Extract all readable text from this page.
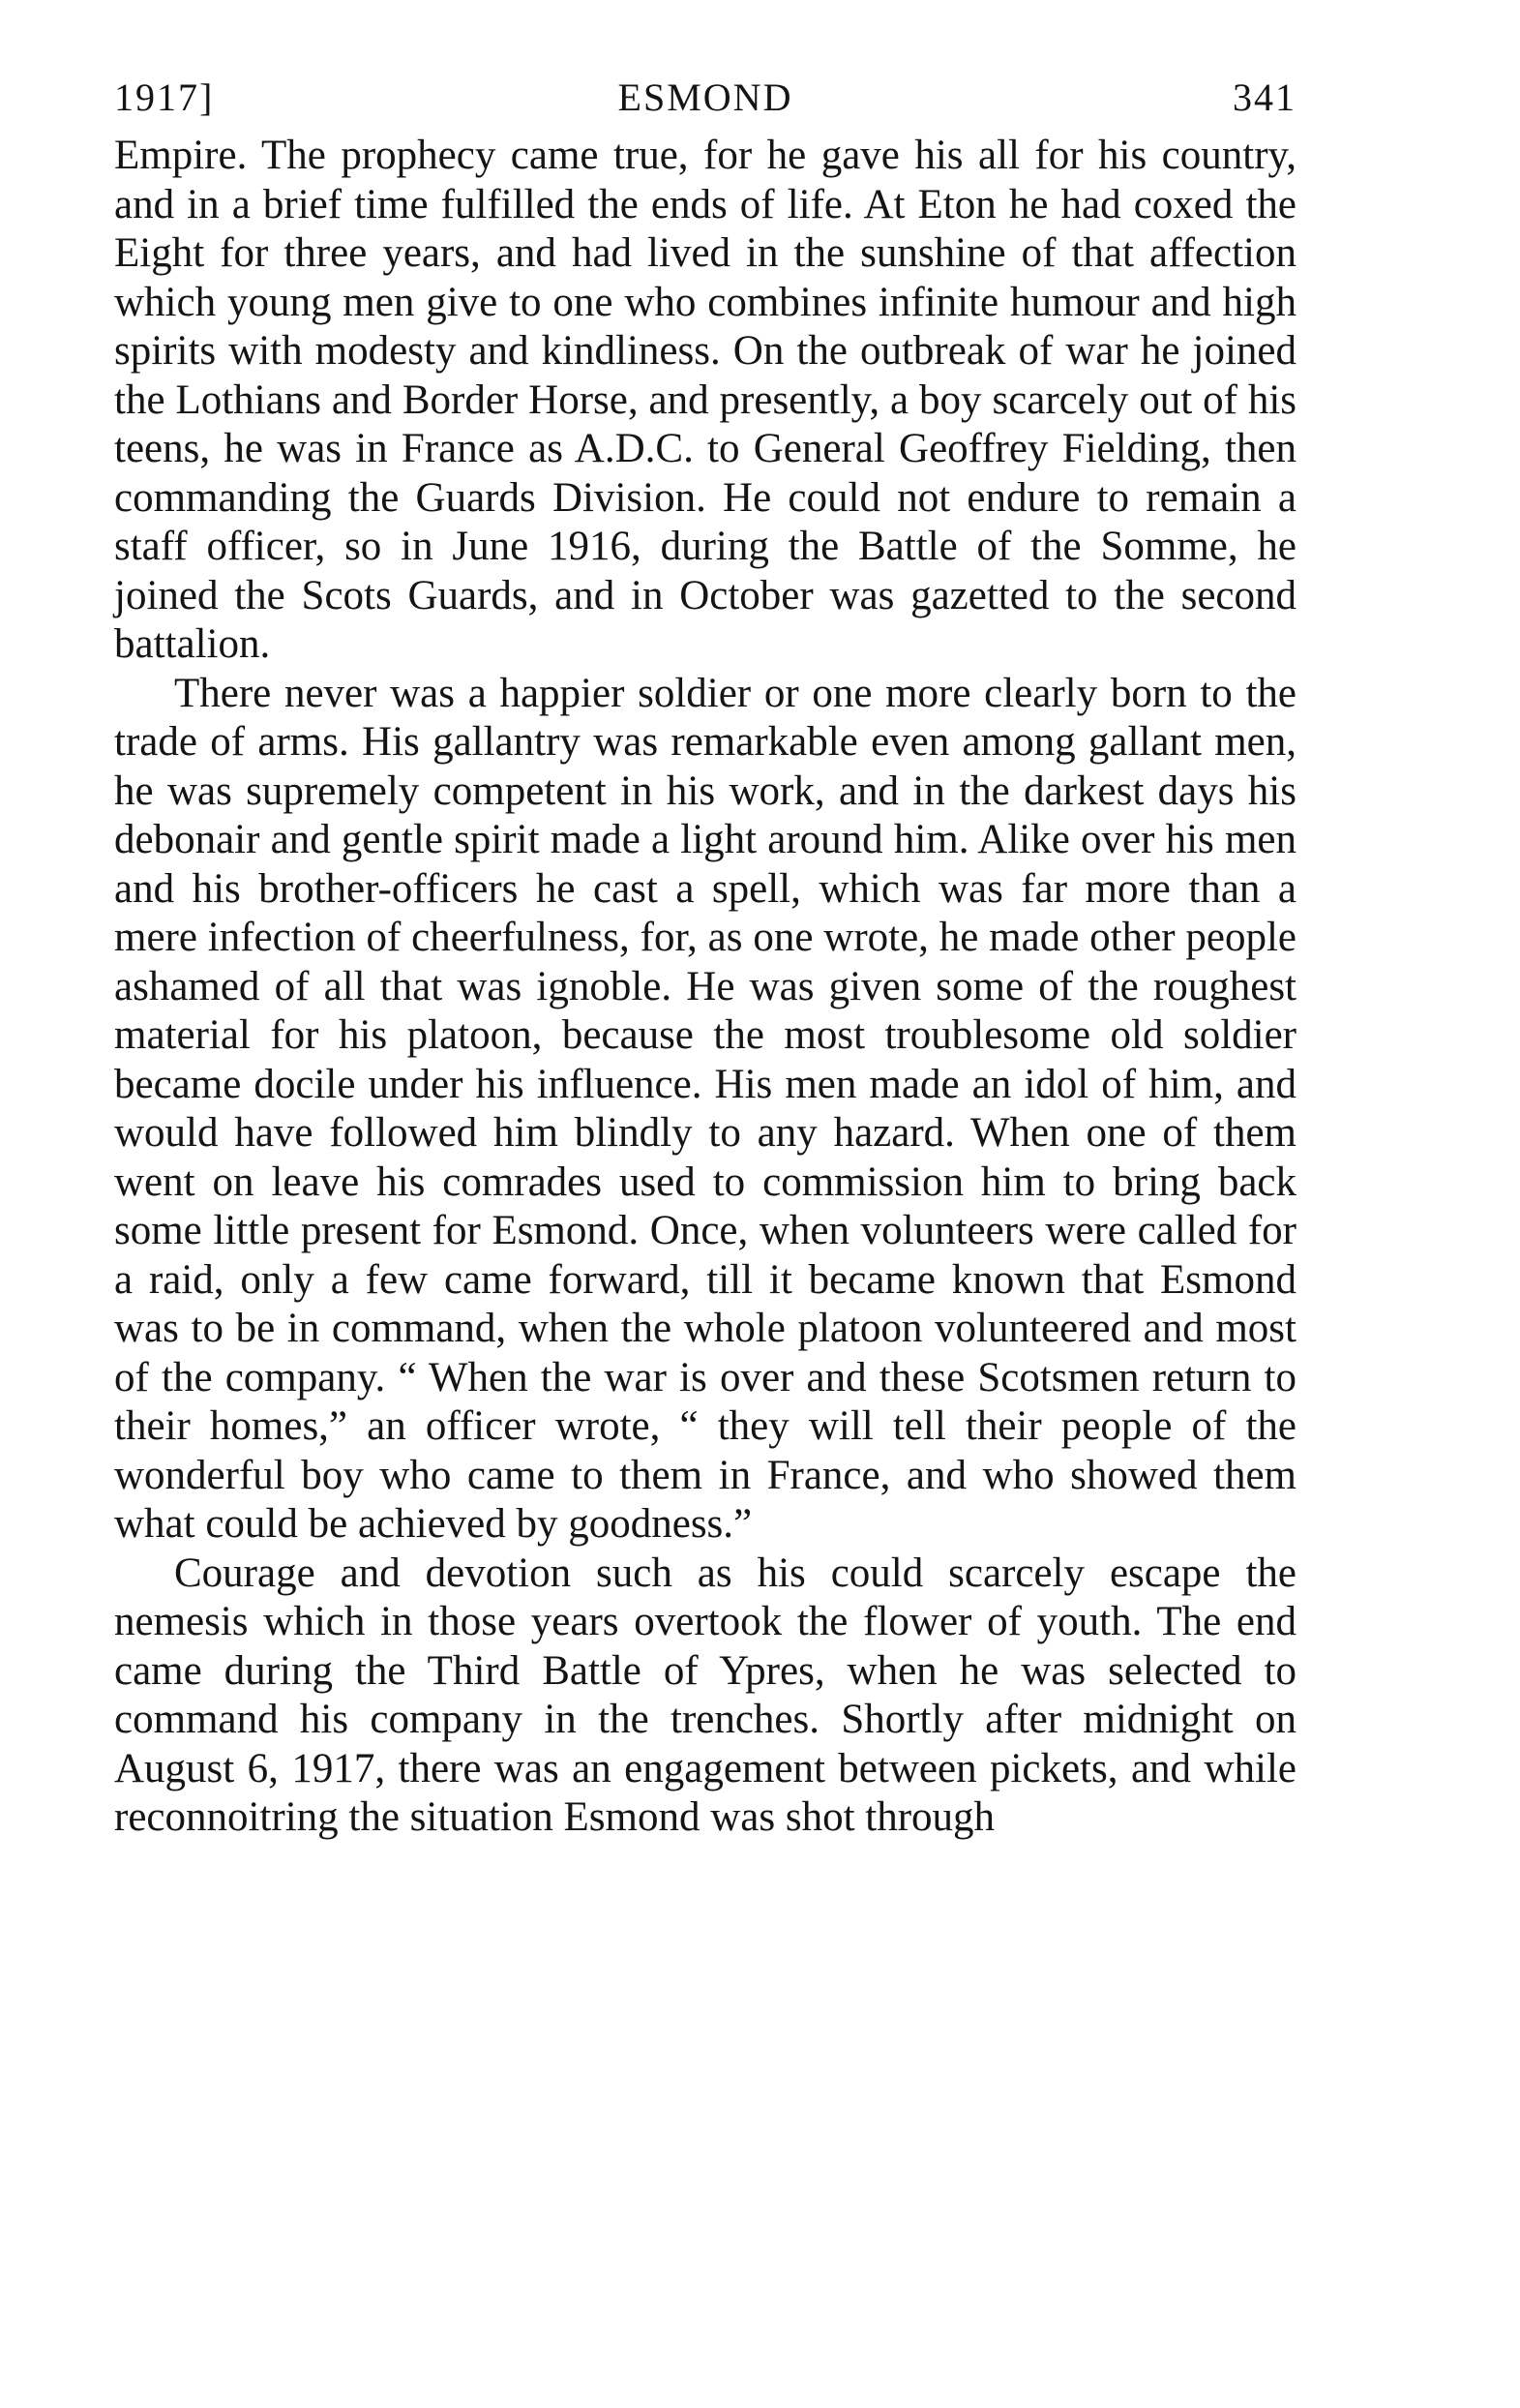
1917]	ESMOND	341

Empire. The prophecy came true, for he gave his all for his country, and in a brief time fulfilled the ends of life. At Eton he had coxed the Eight for three years, and had lived in the sunshine of that affection which young men give to one who combines infinite humour and high spirits with modesty and kindliness. On the outbreak of war he joined the Lothians and Border Horse, and presently, a boy scarcely out of his teens, he was in France as A.D.C. to General Geoffrey Fielding, then commanding the Guards Division. He could not endure to remain a staff officer, so in June 1916, during the Battle of the Somme, he joined the Scots Guards, and in October was gazetted to the second battalion.

There never was a happier soldier or one more clearly born to the trade of arms. His gallantry was remarkable even among gallant men, he was supremely competent in his work, and in the darkest days his debonair and gentle spirit made a light around him. Alike over his men and his brother-officers he cast a spell, which was far more than a mere infection of cheerfulness, for, as one wrote, he made other people ashamed of all that was ignoble. He was given some of the roughest material for his platoon, because the most troublesome old soldier became docile under his influence. His men made an idol of him, and would have followed him blindly to any hazard. When one of them went on leave his comrades used to commission him to bring back some little present for Esmond. Once, when volunteers were called for a raid, only a few came forward, till it became known that Esmond was to be in command, when the whole platoon volunteered and most of the company. “ When the war is over and these Scotsmen return to their homes,” an officer wrote, “ they will tell their people of the wonderful boy who came to them in France, and who showed them what could be achieved by goodness.”

Courage and devotion such as his could scarcely escape the nemesis which in those years overtook the flower of youth. The end came during the Third Battle of Ypres, when he was selected to command his company in the trenches. Shortly after midnight on August 6, 1917, there was an engagement between pickets, and while reconnoitring the situation Esmond was shot through
